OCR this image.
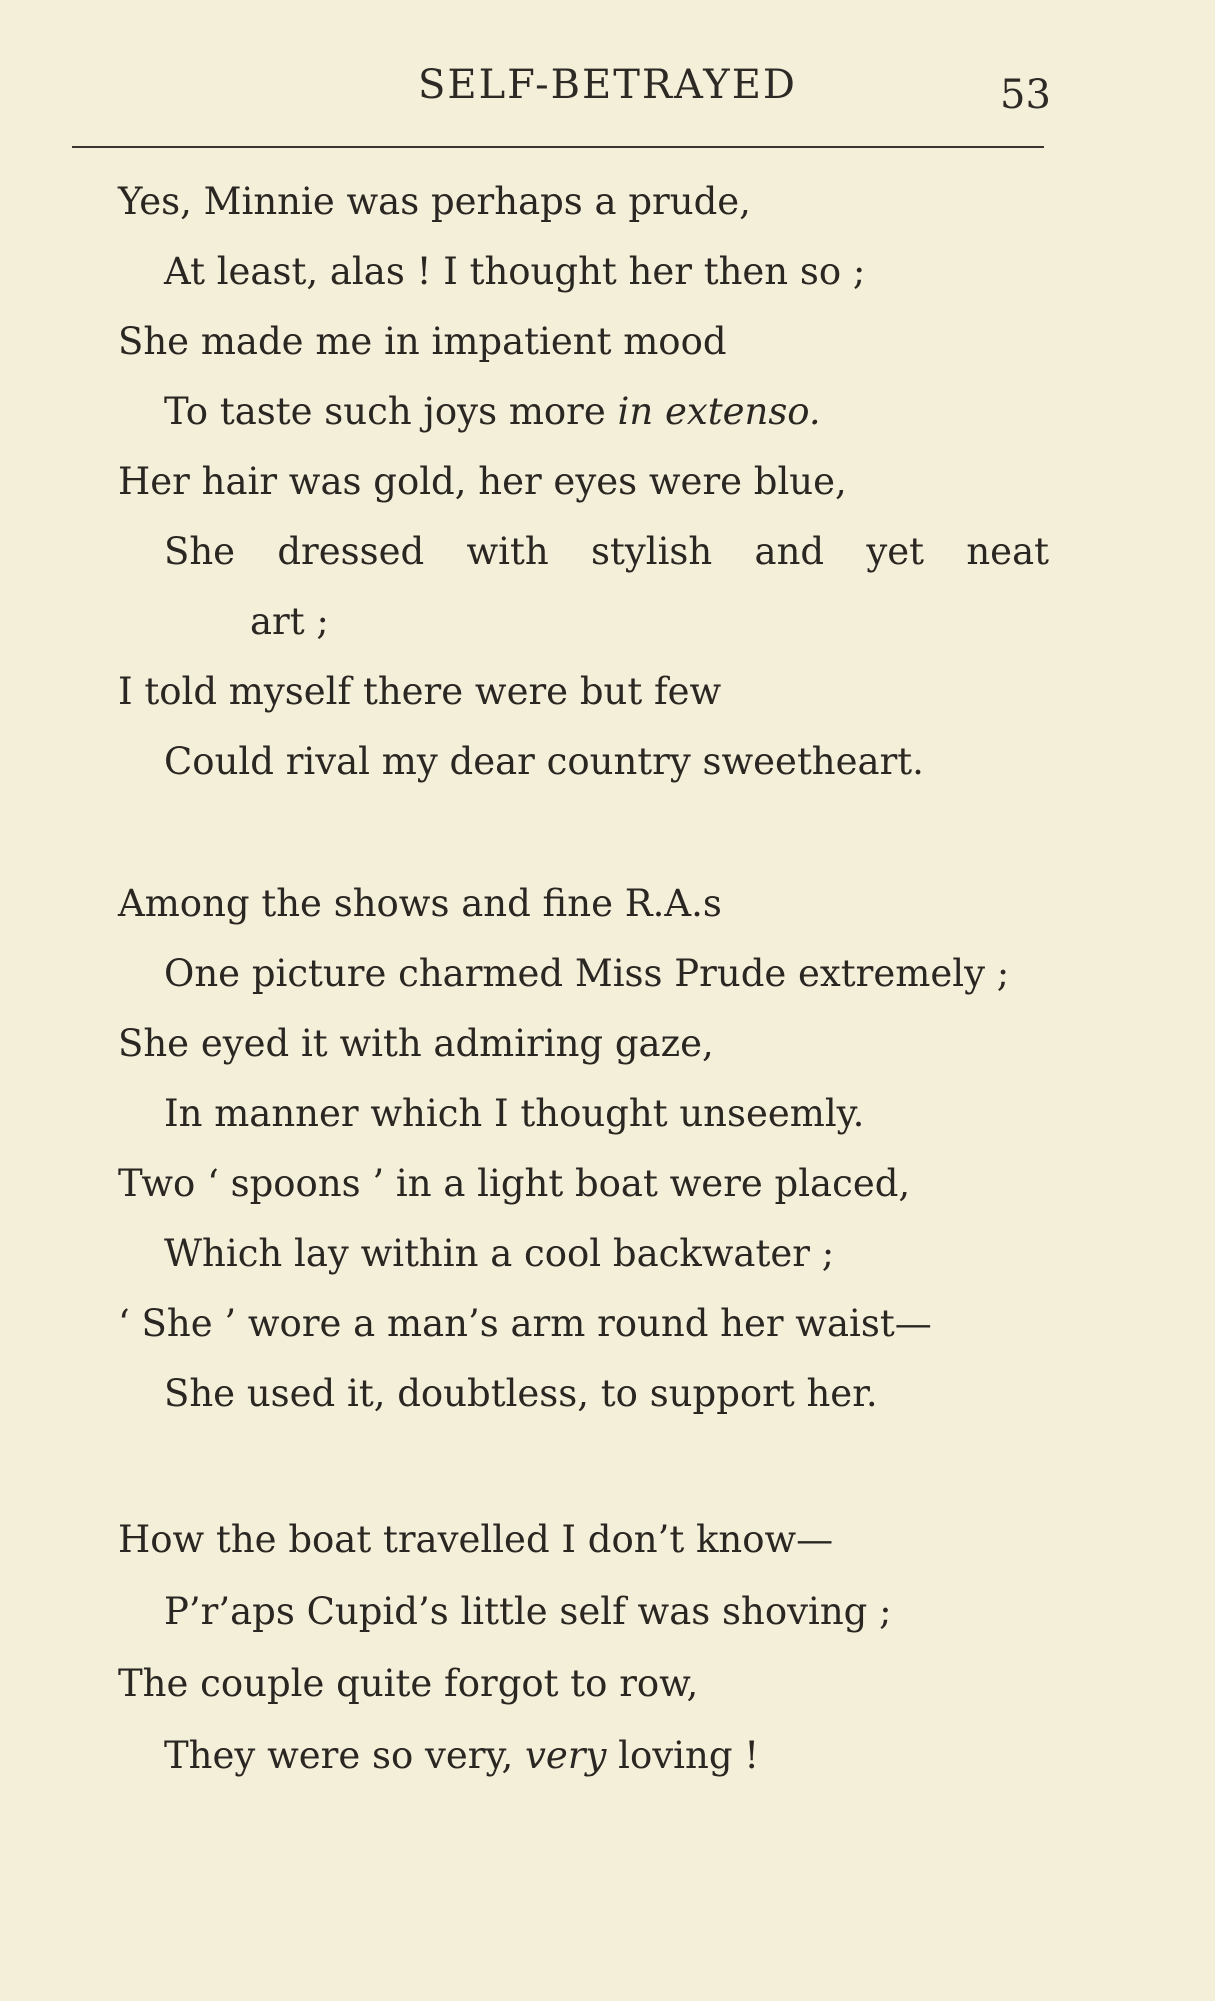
SELF-BETRAYED	53
Yes, Minnie was perhaps a prude,
At least, alas ! I thought her then so ;
She made me in impatient mood
To taste such joys more in extenso.
Her hair was gold, her eyes were blue,
She dressed with stylish and yet neat
art ;
I told myself there were but few
Could rival my dear country sweetheart.
Among the shows and fine R.A.s
One picture charmed Miss Prude extremely ;
She eyed it with admiring gaze,
In manner which I thought unseemly.
Two ‘ spoons ’ in a light boat were placed,
Which lay within a cool backwater ;
‘ She ’ wore a man’s arm round her waist—
She used it, doubtless, to support her.
How the boat travelled I don’t know—
P’r’aps Cupid’s little self was shoving ;
The couple quite forgot to row,
They were so very, very loving !
